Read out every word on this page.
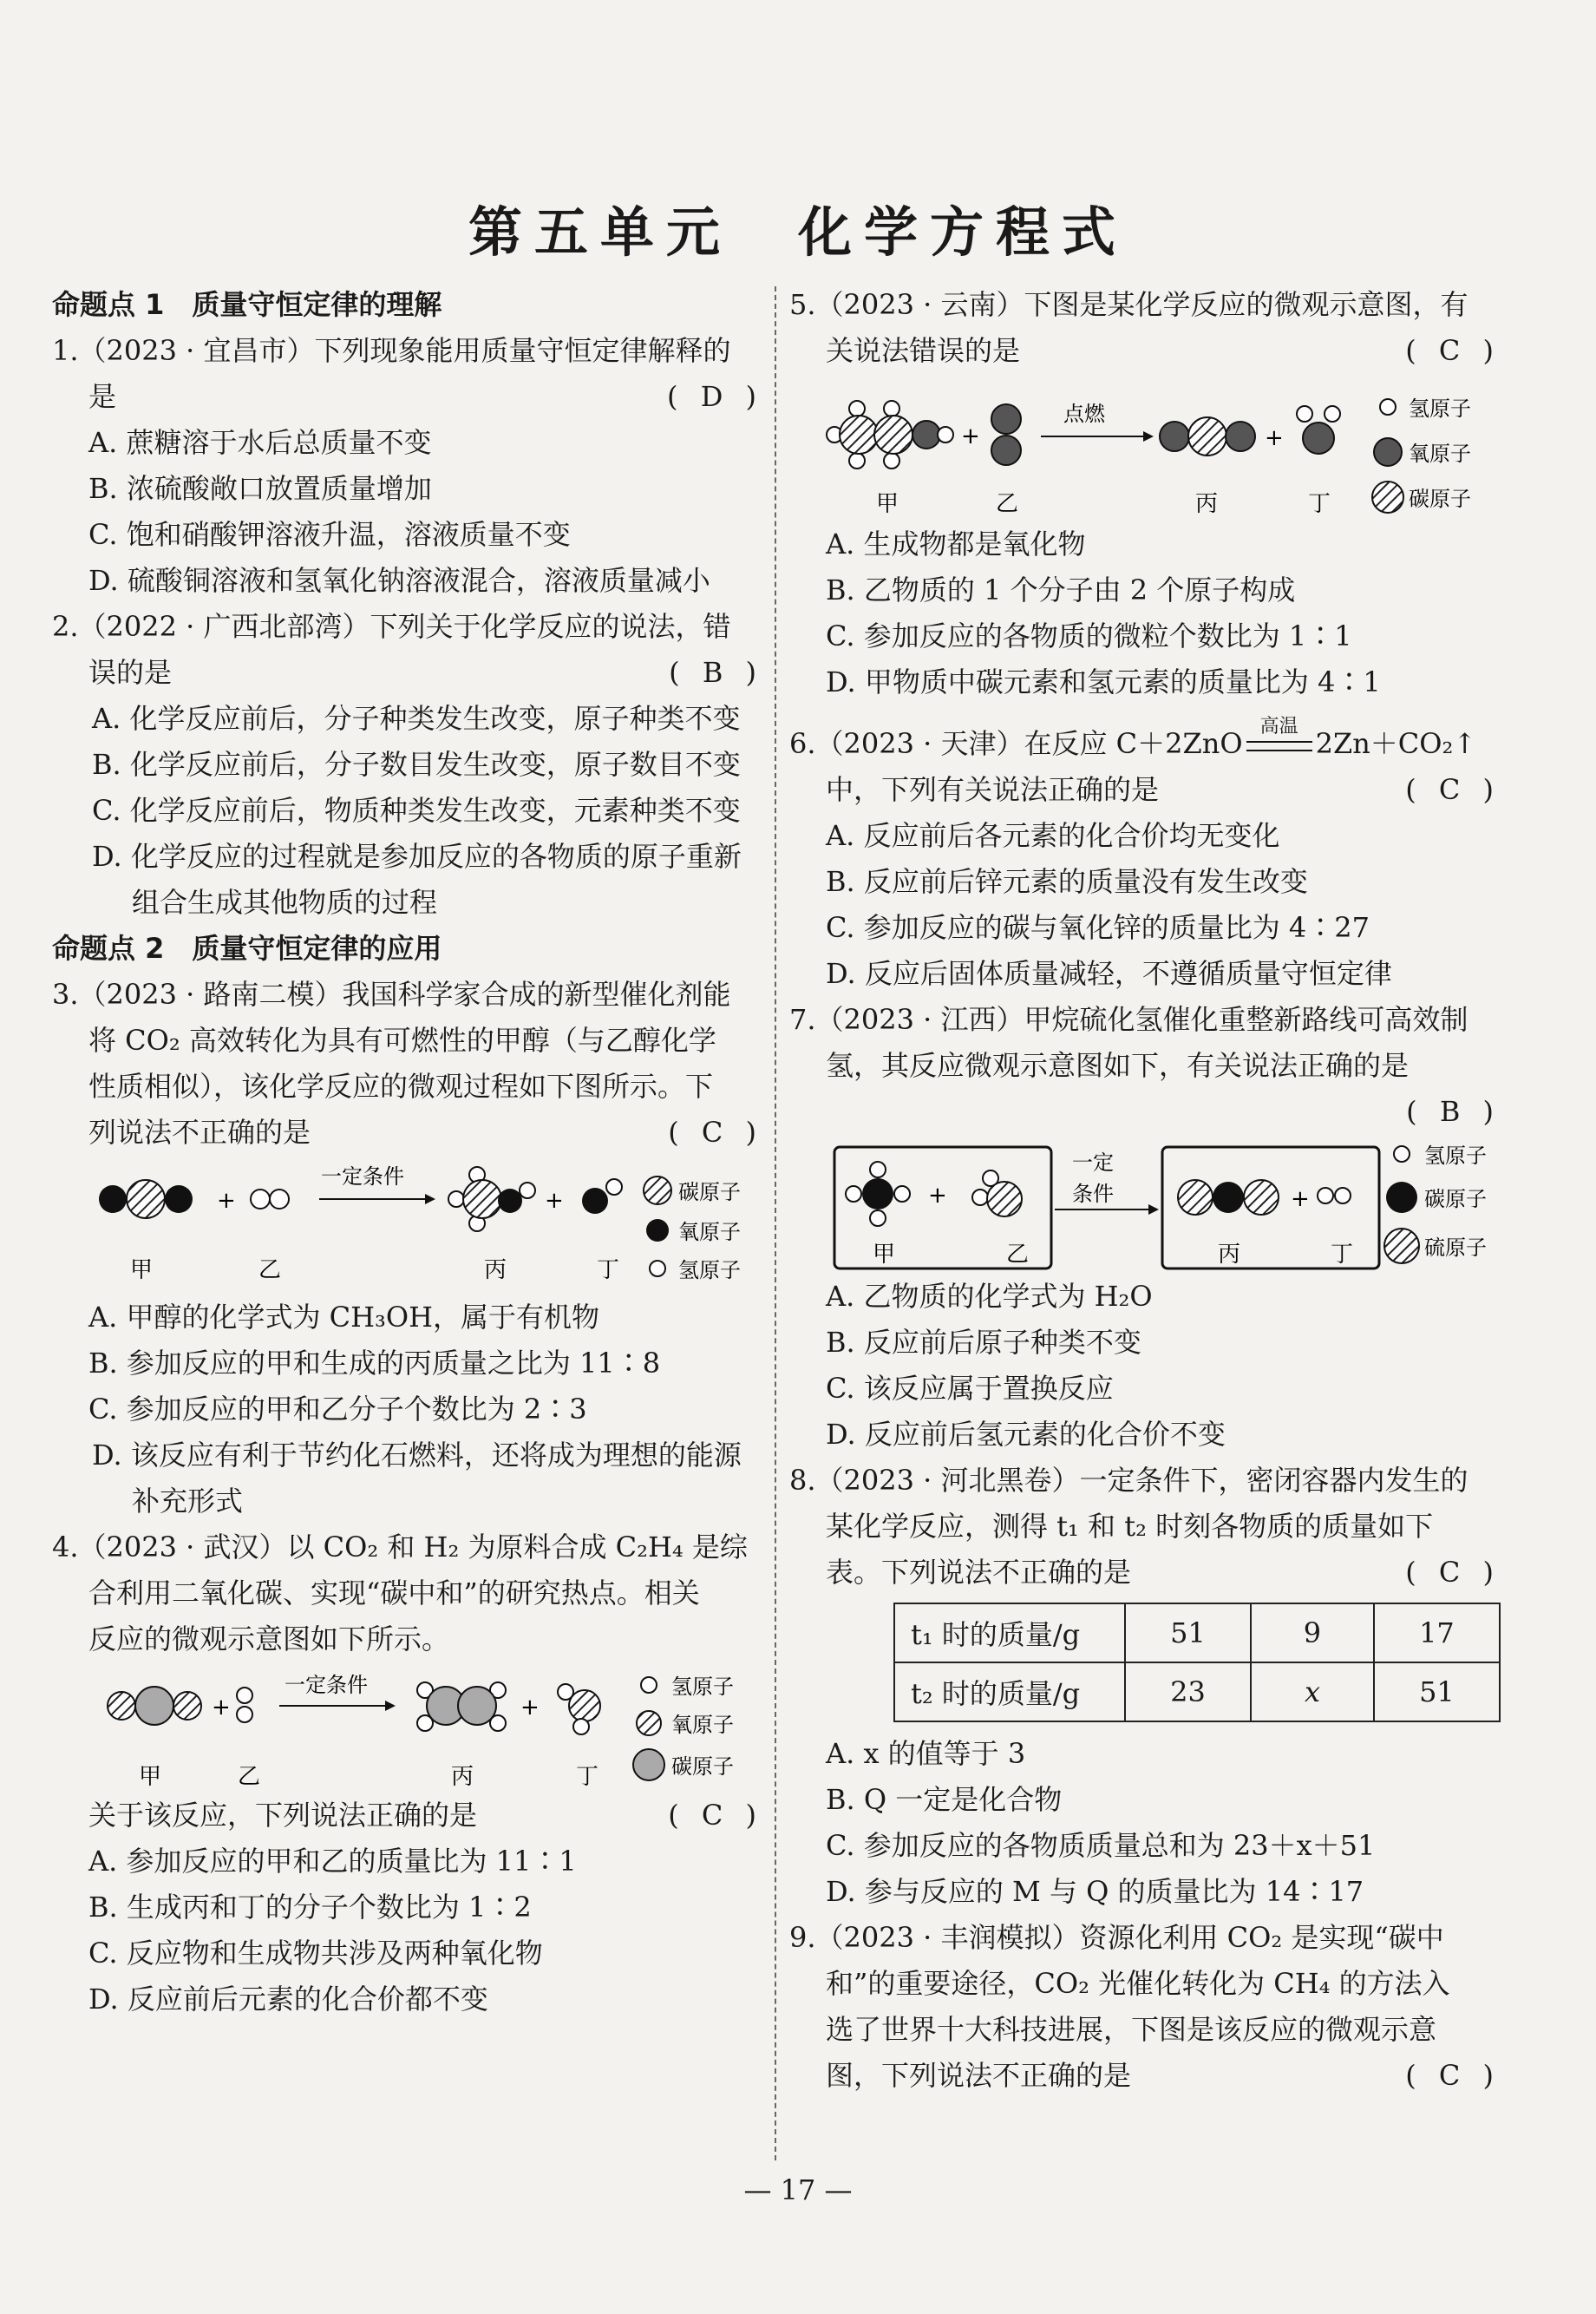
第五单元　化学方程式
命题点 1　质量守恒定律的理解
1.（2023 · 宜昌市）下列现象能用质量守恒定律解释的
是	( D )
A. 蔗糖溶于水后总质量不变
B. 浓硫酸敞口放置质量增加
C. 饱和硝酸钾溶液升温，溶液质量不变
D. 硫酸铜溶液和氢氧化钠溶液混合，溶液质量减小
2.（2022 · 广西北部湾）下列关于化学反应的说法，错
误的是	( B )
A. 化学反应前后，分子种类发生改变，原子种类不变
B. 化学反应前后，分子数目发生改变，原子数目不变
C. 化学反应前后，物质种类发生改变，元素种类不变
D. 化学反应的过程就是参加反应的各物质的原子重新组合生成其他物质的过程
命题点 2　质量守恒定律的应用
3.（2023 · 路南二模）我国科学家合成的新型催化剂能
将 CO₂ 高效转化为具有可燃性的甲醇（与乙醇化学
性质相似），该化学反应的微观过程如下图所示。下
列说法不正确的是	( C )
+
一定条件
+
甲	乙	丙	丁
碳原子
氧原子
氢原子
A. 甲醇的化学式为 CH₃OH，属于有机物
B. 参加反应的甲和生成的丙质量之比为 11∶8
C. 参加反应的甲和乙分子个数比为 2∶3
D. 该反应有利于节约化石燃料，还将成为理想的能源补充形式
4.（2023 · 武汉）以 CO₂ 和 H₂ 为原料合成 C₂H₄ 是综
合利用二氧化碳、实现“碳中和”的研究热点。相关
反应的微观示意图如下所示。
+
一定条件
+
甲	乙	丙	丁
氢原子
氧原子
碳原子
关于该反应，下列说法正确的是	( C )
A. 参加反应的甲和乙的质量比为 11∶1
B. 生成丙和丁的分子个数比为 1∶2
C. 反应物和生成物共涉及两种氧化物
D. 反应前后元素的化合价都不变
5.（2023 · 云南）下图是某化学反应的微观示意图，有
关说法错误的是	( C )
+
点燃
+
甲	乙	丙	丁
氢原子
氧原子
碳原子
A. 生成物都是氧化物
B. 乙物质的 1 个分子由 2 个原子构成
C. 参加反应的各物质的微粒个数比为 1∶1
D. 甲物质中碳元素和氢元素的质量比为 4∶1
6.（2023 · 天津）在反应 C＋2ZnO
高温
2Zn＋CO₂↑
中，下列有关说法正确的是	( C )
A. 反应前后各元素的化合价均无变化
B. 反应前后锌元素的质量没有发生改变
C. 参加反应的碳与氧化锌的质量比为 4∶27
D. 反应后固体质量减轻，不遵循质量守恒定律
7.（2023 · 江西）甲烷硫化氢催化重整新路线可高效制
氢，其反应微观示意图如下，有关说法正确的是
( B )
+
甲	乙
一定
条件	+
丙	丁
氢原子
碳原子
硫原子
A. 乙物质的化学式为 H₂O
B. 反应前后原子种类不变
C. 该反应属于置换反应
D. 反应前后氢元素的化合价不变
8.（2023 · 河北黑卷）一定条件下，密闭容器内发生的
某化学反应，测得 t₁ 和 t₂ 时刻各物质的质量如下
表。下列说法不正确的是	( C )
t₁ 时的质量/g	51	9	17
t₂ 时的质量/g	23	x	51
A. x 的值等于 3
B. Q 一定是化合物
C. 参加反应的各物质质量总和为 23＋x＋51
D. 参与反应的 M 与 Q 的质量比为 14∶17
9.（2023 · 丰润模拟）资源化利用 CO₂ 是实现“碳中
和”的重要途径，CO₂ 光催化转化为 CH₄ 的方法入
选了世界十大科技进展，下图是该反应的微观示意
图，下列说法不正确的是	( C )
— 17 —
